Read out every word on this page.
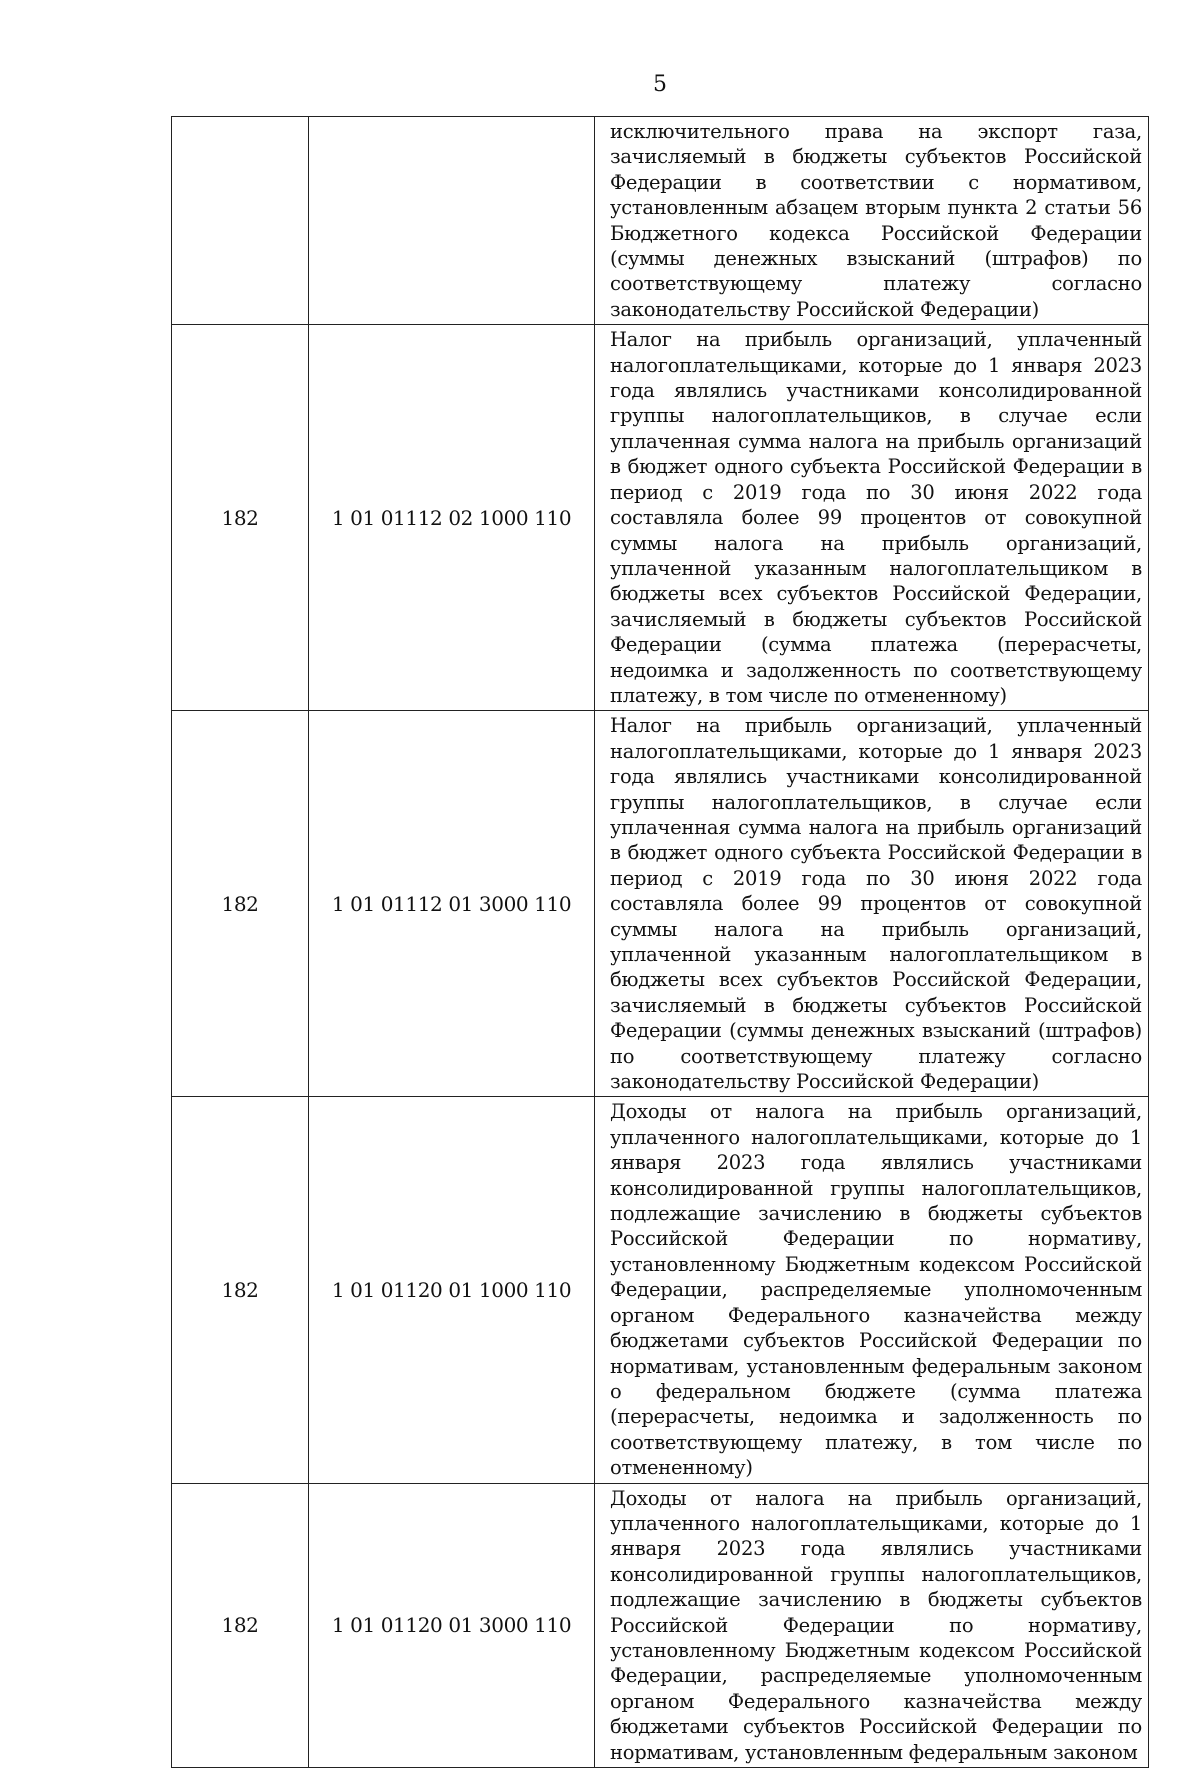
5
		исключительного права на экспорт газа, зачисляемый в бюджеты субъектов Российской Федерации в соответствии с нормативом, установленным абзацем вторым пункта 2 статьи 56 Бюджетного кодекса Российской Федерации (суммы денежных взысканий (штрафов) по соответствующему платежу согласно законодательству Российской Федерации)
182	1 01 01112 02 1000 110	Налог на прибыль организаций, уплаченный налогоплательщиками, которые до 1 января 2023 года являлись участниками консолидированной группы налогоплательщиков, в случае если уплаченная сумма налога на прибыль организаций в бюджет одного субъекта Российской Федерации в период с 2019 года по 30 июня 2022 года составляла более 99 процентов от совокупной суммы налога на прибыль организаций, уплаченной указанным налогоплательщиком в бюджеты всех субъектов Российской Федерации, зачисляемый в бюджеты субъектов Российской Федерации (сумма платежа (перерасчеты, недоимка и задолженность по соответствующему платежу, в том числе по отмененному)
182	1 01 01112 01 3000 110	Налог на прибыль организаций, уплаченный налогоплательщиками, которые до 1 января 2023 года являлись участниками консолидированной группы налогоплательщиков, в случае если уплаченная сумма налога на прибыль организаций в бюджет одного субъекта Российской Федерации в период с 2019 года по 30 июня 2022 года составляла более 99 процентов от совокупной суммы налога на прибыль организаций, уплаченной указанным налогоплательщиком в бюджеты всех субъектов Российской Федерации, зачисляемый в бюджеты субъектов Российской Федерации (суммы денежных взысканий (штрафов) по соответствующему платежу согласно законодательству Российской Федерации)
182	1 01 01120 01 1000 110	Доходы от налога на прибыль организаций, уплаченного налогоплательщиками, которые до 1 января 2023 года являлись участниками консолидированной группы налогоплательщиков, подлежащие зачислению в бюджеты субъектов Российской Федерации по нормативу, установленному Бюджетным кодексом Российской Федерации, распределяемые уполномоченным органом Федерального казначейства между бюджетами субъектов Российской Федерации по нормативам, установленным федеральным законом о федеральном бюджете (сумма платежа (перерасчеты, недоимка и задолженность по соответствующему платежу, в том числе по отмененному)
182	1 01 01120 01 3000 110	Доходы от налога на прибыль организаций, уплаченного налогоплательщиками, которые до 1 января 2023 года являлись участниками консолидированной группы налогоплательщиков, подлежащие зачислению в бюджеты субъектов Российской Федерации по нормативу, установленному Бюджетным кодексом Российской Федерации, распределяемые уполномоченным органом Федерального казначейства между бюджетами субъектов Российской Федерации по нормативам, установленным федеральным законом
